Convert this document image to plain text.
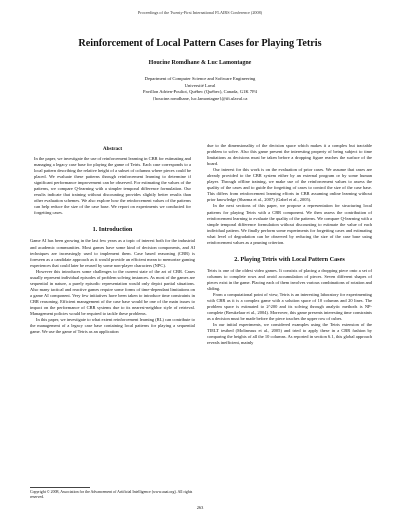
Proceedings of the Twenty-First International FLAIRS Conference (2008)
Reinforcement of Local Pattern Cases for Playing Tetris
Houcine Romdhane & Luc Lamontagne
Department of Computer Science and Software Engineering
Université Laval
Pavillon Adrien-Pouliot, Québec (Québec), Canada, G1K 7P4
{houcine.romdhane, luc.lamontagne}@ift.ulaval.ca
Abstract

In the paper, we investigate the use of reinforcement learning in CBR for estimating and managing a legacy case base for playing the game of Tetris. Each case corresponds to a local pattern describing the relative height of a subset of columns where pieces could be placed. We evaluate these patterns through reinforcement learning to determine if significant performance improvement can be observed. For estimating the values of the patterns, we compare Q-learning with a simpler temporal difference formulation. Our results indicate that training without discounting provides slightly better results than other evaluation schemes. We also explore how the reinforcement values of the patterns can help reduce the size of the case base. We report on experiments we conducted for forgetting cases.

1. Introduction

Game AI has been growing in the last few years as a topic of interest both for the industrial and academic communities. Most games have some kind of decision components, and AI techniques are increasingly used to implement them. Case based reasoning (CBR) is foreseen as a candidate approach as it would provide an efficient mean to memorize gaming experiences that could later be reused by some non-player characters (NPC).

However this introduces some challenges to the current state of the art of CBR. Cases usually represent individual episodes of problem solving instances. As most of the games are sequential in nature, a purely episodic representation would only depict partial situations. Also many tactical and reactive games require some forms of time-dependant limitations on a game AI component. Very few initiatives have been taken to introduce time constraints in CBR reasoning. Efficient management of the case base would be one of the main issues to impact on the performance of CBR systems due to its nearest-neighbor style of retrieval. Management policies would be required to tackle these problems.

In this paper, we investigate to what extent reinforcement learning (RL) can contribute to the management of a legacy case base containing local patterns for playing a sequential game. We use the game of Tetris as an application

due to the dimensionality of the decision space which makes it a complex but tractable problem to solve. Also this game present the interesting property of being subject to time limitations as decisions must be taken before a dropping figure reaches the surface of the board.

Our interest for this work is on the evaluation of prior cases. We assume that cases are already provided to the CBR system either by an external program or by some human player. Through offline training, we make use of the reinforcement values to assess the quality of the cases and to guide the forgetting of cases to control the size of the case base. This differs from reinforcement learning efforts in CBR assuming online learning without prior knowledge (Sharma et al., 2007) (Gabel et al., 2005).

In the next sections of this paper, we propose a representation for structuring local patterns for playing Tetris with a CBR component. We then assess the contribution of reinforcement learning to evaluate the quality of the patterns. We compare Q-learning with a simple temporal difference formulation without discounting to estimate the value of each individual pattern. We finally perform some experiments for forgetting cases and estimating what level of degradation can be observed by reducing the size of the case base using reinforcement values as a pruning criterion.

2. Playing Tetris with Local Pattern Cases

Tetris is one of the oldest video games. It consists of placing a dropping piece onto a set of columns to complete rows and avoid accumulation of pieces. Seven different shapes of pieces exist in the game. Placing each of them involves various combinations of rotation and sliding.

From a computational point of view, Tetris is an interesting laboratory for experimenting with CBR as it is a complex game with a solution space of 10 columns and 20 lines. The problem space is estimated to 2^200 and its solving through analytic methods is NP-complete (Breukelaar et al., 2004). Moreover, this game presents interesting time constraints as a decision must be made before the piece touches the upper row of cubes.

In our initial experiments, we considered examples using the Tetris extension of the TIELT testbed (Molineaux et al., 2005) and tried to apply these in a CBR fashion by comparing the heights of all the 10 columns. As reported in section 6.1, this global approach reveals inefficient, mainly

Copyright © 2008, Association for the Advancement of Artificial Intelligence (www.aaai.org). All rights reserved.
263
